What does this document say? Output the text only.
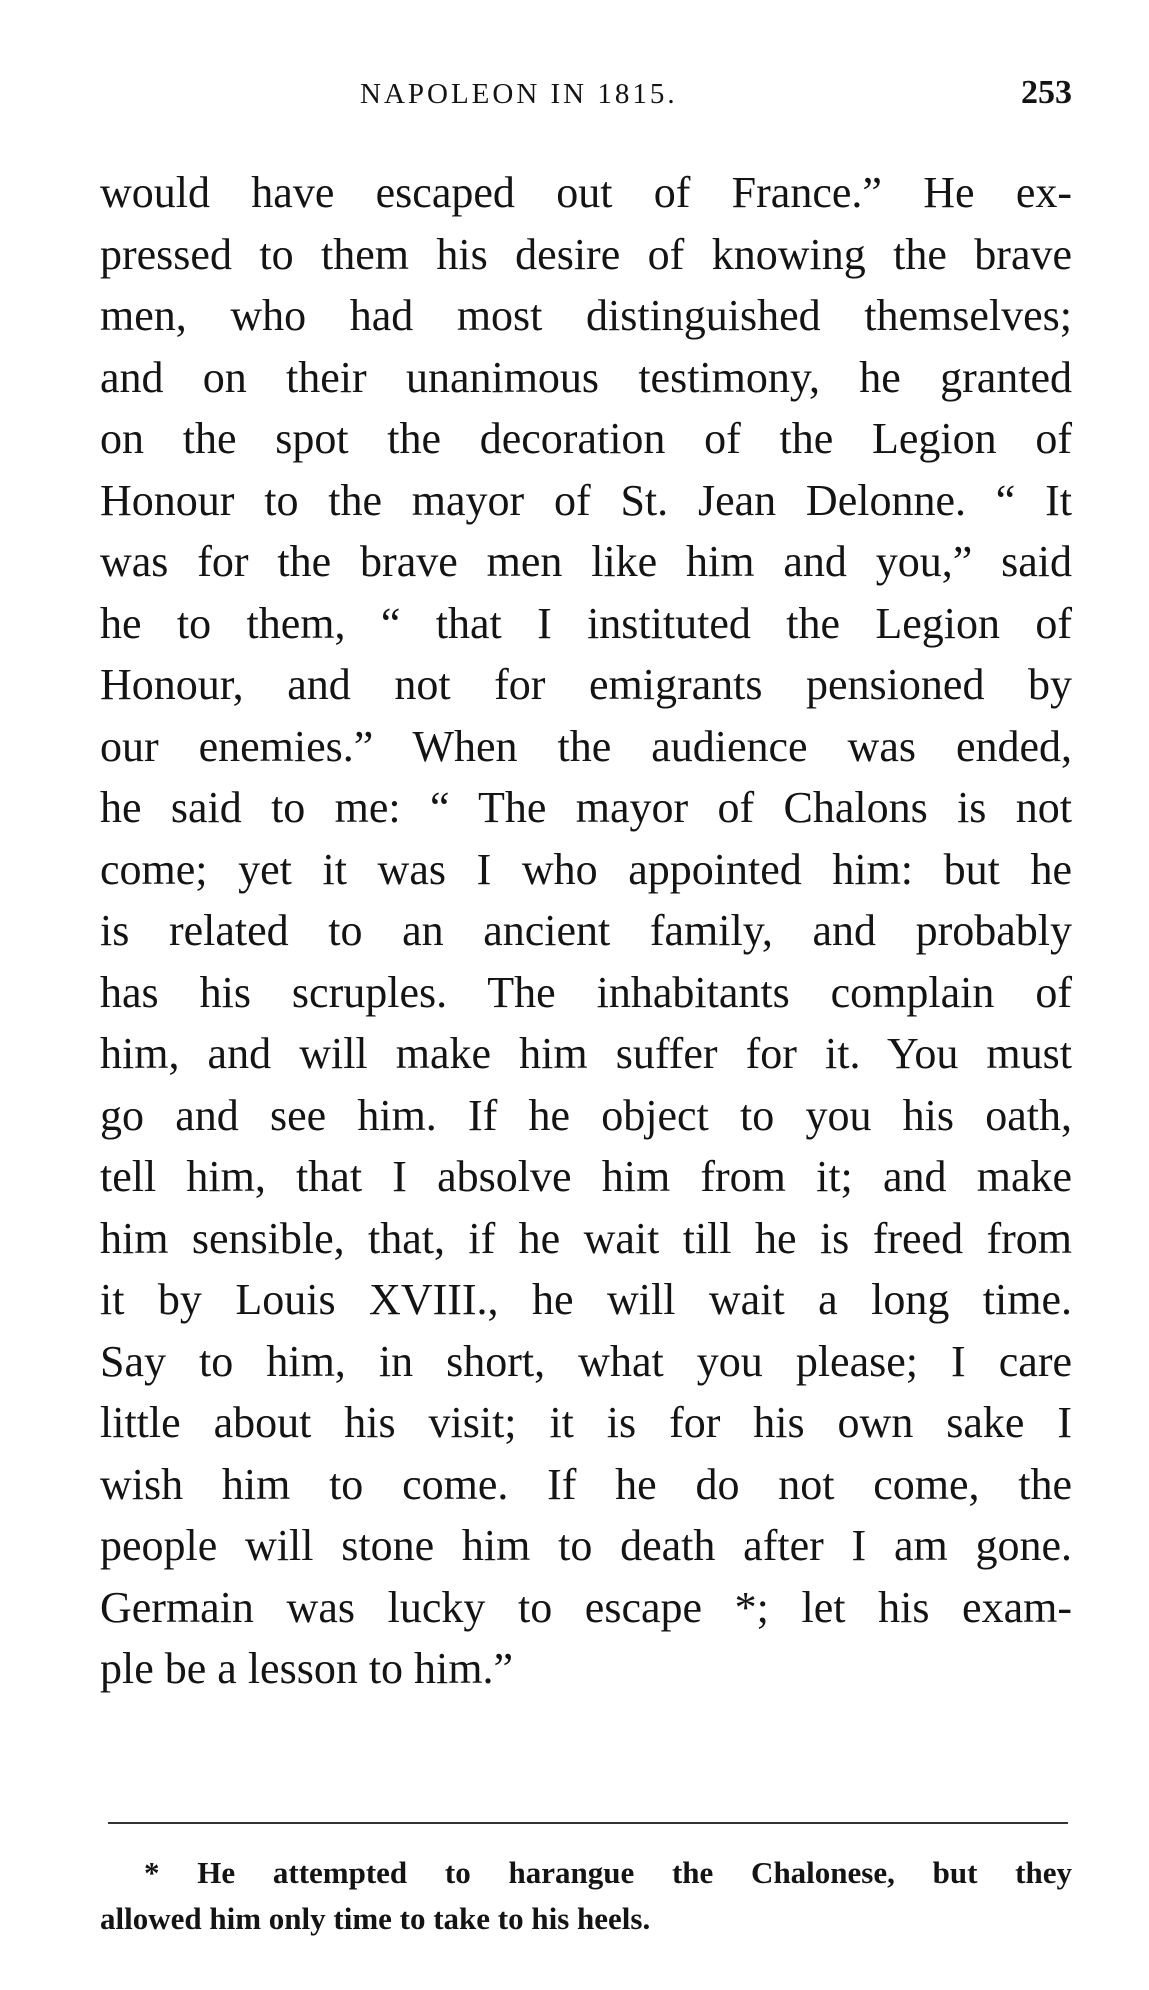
NAPOLEON IN 1815.	253
would have escaped out of France.” He ex-
pressed to them his desire of knowing the brave
men, who had most distinguished themselves;
and on their unanimous testimony, he granted
on the spot the decoration of the Legion of
Honour to the mayor of St. Jean Delonne. “ It
was for the brave men like him and you,” said
he to them, “ that I instituted the Legion of
Honour, and not for emigrants pensioned by
our enemies.” When the audience was ended,
he said to me: “ The mayor of Chalons is not
come; yet it was I who appointed him: but he
is related to an ancient family, and probably
has his scruples. The inhabitants complain of
him, and will make him suffer for it. You must
go and see him. If he object to you his oath,
tell him, that I absolve him from it; and make
him sensible, that, if he wait till he is freed from
it by Louis XVIII., he will wait a long time.
Say to him, in short, what you please; I care
little about his visit; it is for his own sake I
wish him to come. If he do not come, the
people will stone him to death after I am gone.
Germain was lucky to escape *; let his exam-
ple be a lesson to him.”
* He attempted to harangue the Chalonese, but they
allowed him only time to take to his heels.
